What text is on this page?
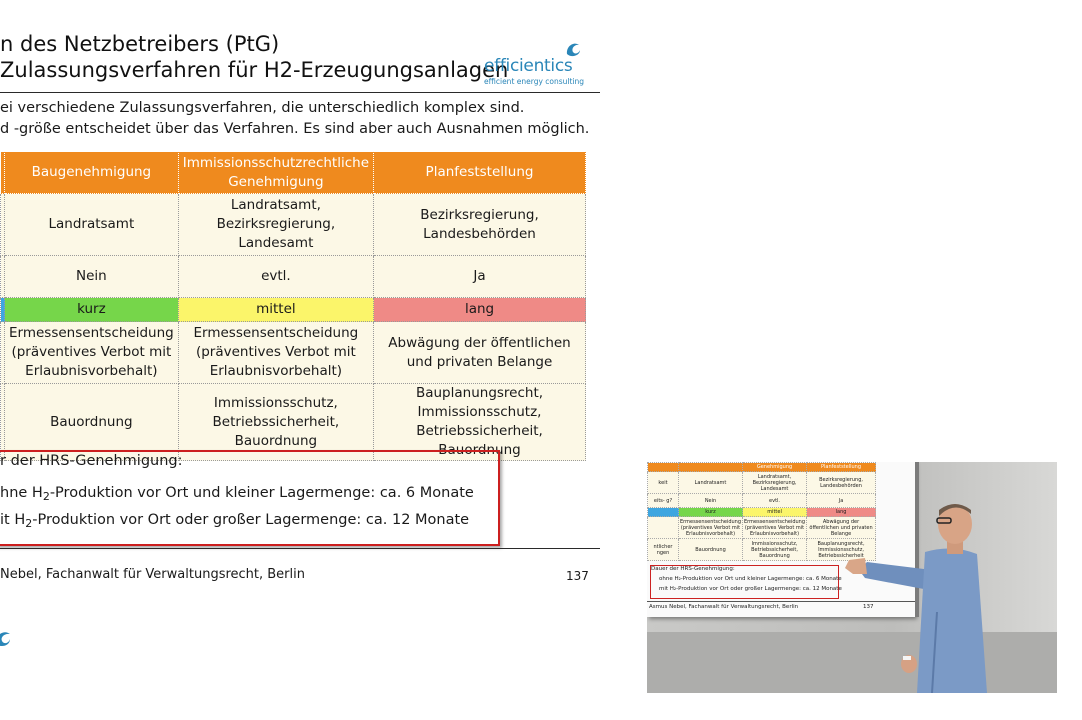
n des Netzbetreibers (PtG)
Zulassungsverfahren für H2-Erzeugungsanlagen
efficientics
efficient energy consulting
ei verschiedene Zulassungsverfahren, die unterschiedlich komplex sind.
d -größe entscheidet über das Verfahren. Es sind aber auch Ausnahmen möglich.
	Baugenehmigung	Immissionsschutzrechtliche Genehmigung	Planfeststellung
	Landratsamt	Landratsamt, Bezirksregierung, Landesamt	Bezirksregierung, Landesbehörden
	Nein	evtl.	Ja
	kurz	mittel	lang
	Ermessensentscheidung (präventives Verbot mit Erlaubnisvorbehalt)	Ermessensentscheidung (präventives Verbot mit Erlaubnisvorbehalt)	Abwägung der öffentlichen und privaten Belange
	Bauordnung	Immissionsschutz, Betriebssicherheit, Bauordnung	Bauplanungsrecht, Immissionsschutz, Betriebssicherheit, Bauordnung
r der HRS-Genehmigung:
hne $H_2$-Produktion vor Ort und kleiner Lagermenge: ca. 6 Monate
it $H_2$-Produktion vor Ort oder großer Lagermenge: ca. 12 Monate
Nebel, Fachanwalt für Verwaltungsrecht, Berlin	137
		Genehmigung	Planfeststellung
keit	Landratsamt	Landratsamt, Bezirksregierung, Landesamt	Bezirksregierung, Landesbehörden
eits- g?	Nein	evtl.	Ja
	kurz	mittel	lang
	Ermessensentscheidung (präventives Verbot mit Erlaubnisvorbehalt)	Ermessensentscheidung (präventives Verbot mit Erlaubnisvorbehalt)	Abwägung der öffentlichen und privaten Belange
ntlicher ngen	Bauordnung	Immissionsschutz, Betriebssicherheit, Bauordnung	Bauplanungsrecht, Immissionsschutz, Betriebssicherheit
Dauer der HRS-Genehmigung:
ohne H₂-Produktion vor Ort und kleiner Lagermenge: ca. 6 Monate
mit H₂-Produktion vor Ort oder großer Lagermenge: ca. 12 Monate
Asmus Nebel, Fachanwalt für Verwaltungsrecht, Berlin	137
